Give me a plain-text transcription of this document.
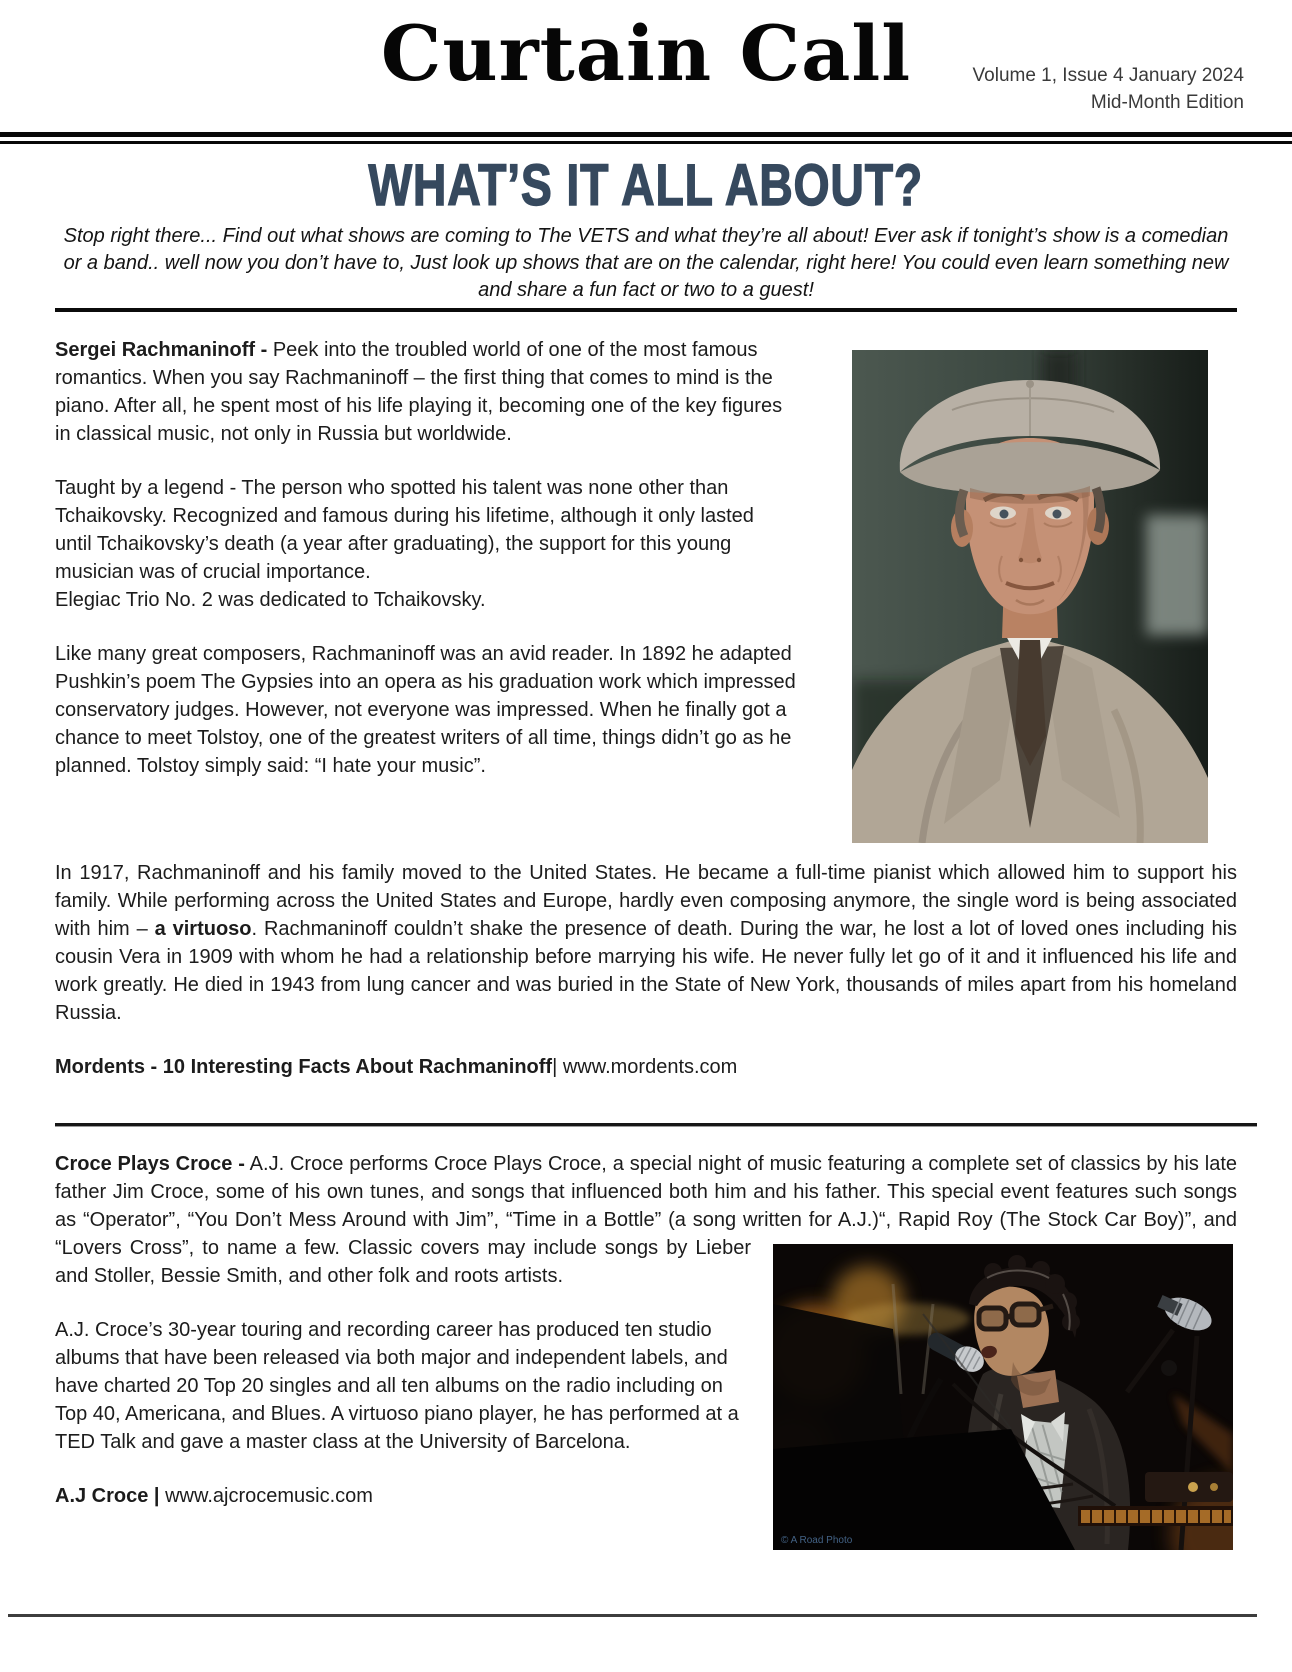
Curtain Call	Volume 1, Issue 4 January 2024
Mid-Month Edition
WHAT’S IT ALL ABOUT?

Stop right there... Find out what shows are coming to The VETS and what they’re all about! Ever ask if tonight’s show is a comedian or a band.. well now you don’t have to, Just look up shows that are on the calendar, right here! You could even learn something new and share a fun fact or two to a guest!

Sergei Rachmaninoff - Peek into the troubled world of one of the most famous romantics. When you say Rachmaninoff – the first thing that comes to mind is the piano. After all, he spent most of his life playing it, becoming one of the key figures in classical music, not only in Russia but worldwide.

Taught by a legend - The person who spotted his talent was none other than Tchaikovsky. Recognized and famous during his lifetime, although it only lasted until Tchaikovsky’s death (a year after graduating), the support for this young musician was of crucial importance.
Elegiac Trio No. 2 was dedicated to Tchaikovsky.

Like many great composers, Rachmaninoff was an avid reader. In 1892 he adapted Pushkin’s poem The Gypsies into an opera as his graduation work which impressed conservatory judges. However, not everyone was impressed. When he finally got a chance to meet Tolstoy, one of the greatest writers of all time, things didn’t go as he planned. Tolstoy simply said: “I hate your music”.

In 1917, Rachmaninoff and his family moved to the United States. He became a full-time pianist which allowed him to support his family. While performing across the United States and Europe, hardly even composing anymore, the single word is being associated with him – a virtuoso. Rachmaninoff couldn’t shake the presence of death. During the war, he lost a lot of loved ones including his cousin Vera in 1909 with whom he had a relationship before marrying his wife. He never fully let go of it and it influenced his life and work greatly. He died in 1943 from lung cancer and was buried in the State of New York, thousands of miles apart from his homeland Russia.

Mordents - 10 Interesting Facts About Rachmaninoff| www.mordents.com

Croce Plays Croce - A.J. Croce performs Croce Plays Croce, a special night of music featuring a complete set of classics by his late father Jim Croce, some of his own tunes, and songs that influenced both him and his father. This special event features such songs as “Operator”, “You Don’t Mess Around with Jim”, “Time in a Bottle” (a song written for A.J.)“, Rapid Roy (The Stock Car Boy)”, and “Lovers Cross”, to name a few.
© A Road Photo
Classic covers may include songs by Lieber and Stoller, Bessie Smith, and other folk and roots artists.

A.J. Croce’s 30-year touring and recording career has produced ten studio albums that have been released via both major and independent labels, and have charted 20 Top 20 singles and all ten albums on the radio including on Top 40, Americana, and Blues. A virtuoso piano player, he has performed at a TED Talk and gave a master class at the University of Barcelona.

A.J Croce | www.ajcrocemusic.com
